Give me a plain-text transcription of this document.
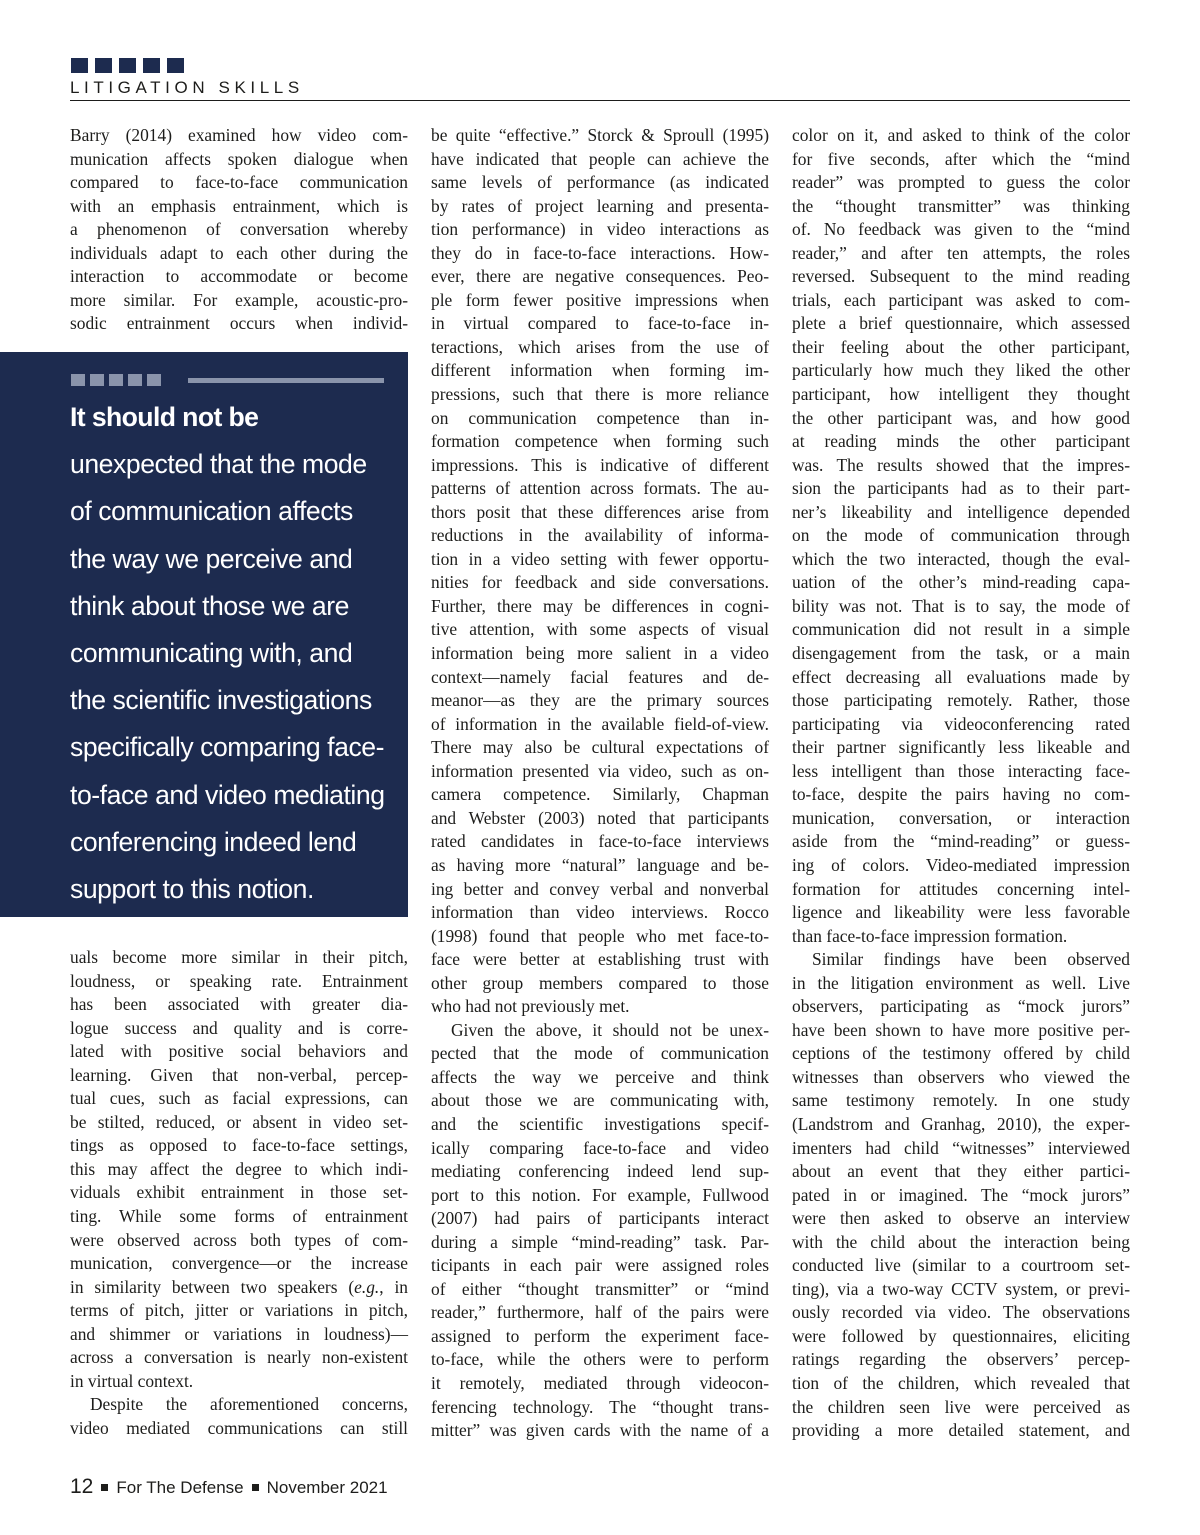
LITIGATION SKILLS
Barry (2014) examined how video com-
munication affects spoken dialogue when
compared to face-to-face communication
with an emphasis entrainment, which is
a phenomenon of conversation whereby
individuals adapt to each other during the
interaction to accommodate or become
more similar. For example, acoustic-pro-
sodic entrainment occurs when individ-
It should not be
unexpected that the mode
of communication affects
the way we perceive and
think about those we are
communicating with, and
the scientific investigations
specifically comparing face-
to-face and video mediating
conferencing indeed lend
support to this notion.
uals become more similar in their pitch,
loudness, or speaking rate. Entrainment
has been associated with greater dia-
logue success and quality and is corre-
lated with positive social behaviors and
learning. Given that non-verbal, percep-
tual cues, such as facial expressions, can
be stilted, reduced, or absent in video set-
tings as opposed to face-to-face settings,
this may affect the degree to which indi-
viduals exhibit entrainment in those set-
ting. While some forms of entrainment
were observed across both types of com-
munication, convergence—or the increase
in similarity between two speakers (e.g., in
terms of pitch, jitter or variations in pitch,
and shimmer or variations in loudness)—
across a conversation is nearly non-existent
in virtual context.
Despite the aforementioned concerns,
video mediated communications can still
be quite “effective.” Storck & Sproull (1995)
have indicated that people can achieve the
same levels of performance (as indicated
by rates of project learning and presenta-
tion performance) in video interactions as
they do in face-to-face interactions. How-
ever, there are negative consequences. Peo-
ple form fewer positive impressions when
in virtual compared to face-to-face in-
teractions, which arises from the use of
different information when forming im-
pressions, such that there is more reliance
on communication competence than in-
formation competence when forming such
impressions. This is indicative of different
patterns of attention across formats. The au-
thors posit that these differences arise from
reductions in the availability of informa-
tion in a video setting with fewer opportu-
nities for feedback and side conversations.
Further, there may be differences in cogni-
tive attention, with some aspects of visual
information being more salient in a video
context—namely facial features and de-
meanor—as they are the primary sources
of information in the available field-of-view.
There may also be cultural expectations of
information presented via video, such as on-
camera competence. Similarly, Chapman
and Webster (2003) noted that participants
rated candidates in face-to-face interviews
as having more “natural” language and be-
ing better and convey verbal and nonverbal
information than video interviews. Rocco
(1998) found that people who met face-to-
face were better at establishing trust with
other group members compared to those
who had not previously met.
Given the above, it should not be unex-
pected that the mode of communication
affects the way we perceive and think
about those we are communicating with,
and the scientific investigations specif-
ically comparing face-to-face and video
mediating conferencing indeed lend sup-
port to this notion. For example, Fullwood
(2007) had pairs of participants interact
during a simple “mind-reading” task. Par-
ticipants in each pair were assigned roles
of either “thought transmitter” or “mind
reader,” furthermore, half of the pairs were
assigned to perform the experiment face-
to-face, while the others were to perform
it remotely, mediated through videocon-
ferencing technology. The “thought trans-
mitter” was given cards with the name of a
color on it, and asked to think of the color
for five seconds, after which the “mind
reader” was prompted to guess the color
the “thought transmitter” was thinking
of. No feedback was given to the “mind
reader,” and after ten attempts, the roles
reversed. Subsequent to the mind reading
trials, each participant was asked to com-
plete a brief questionnaire, which assessed
their feeling about the other participant,
particularly how much they liked the other
participant, how intelligent they thought
the other participant was, and how good
at reading minds the other participant
was. The results showed that the impres-
sion the participants had as to their part-
ner’s likeability and intelligence depended
on the mode of communication through
which the two interacted, though the eval-
uation of the other’s mind-reading capa-
bility was not. That is to say, the mode of
communication did not result in a simple
disengagement from the task, or a main
effect decreasing all evaluations made by
those participating remotely. Rather, those
participating via videoconferencing rated
their partner significantly less likeable and
less intelligent than those interacting face-
to-face, despite the pairs having no com-
munication, conversation, or interaction
aside from the “mind-reading” or guess-
ing of colors. Video-mediated impression
formation for attitudes concerning intel-
ligence and likeability were less favorable
than face-to-face impression formation.
Similar findings have been observed
in the litigation environment as well. Live
observers, participating as “mock jurors”
have been shown to have more positive per-
ceptions of the testimony offered by child
witnesses than observers who viewed the
same testimony remotely. In one study
(Landstrom and Granhag, 2010), the exper-
imenters had child “witnesses” interviewed
about an event that they either partici-
pated in or imagined. The “mock jurors”
were then asked to observe an interview
with the child about the interaction being
conducted live (similar to a courtroom set-
ting), via a two-way CCTV system, or previ-
ously recorded via video. The observations
were followed by questionnaires, eliciting
ratings regarding the observers’ percep-
tion of the children, which revealed that
the children seen live were perceived as
providing a more detailed statement, and
12 For The Defense November 2021
